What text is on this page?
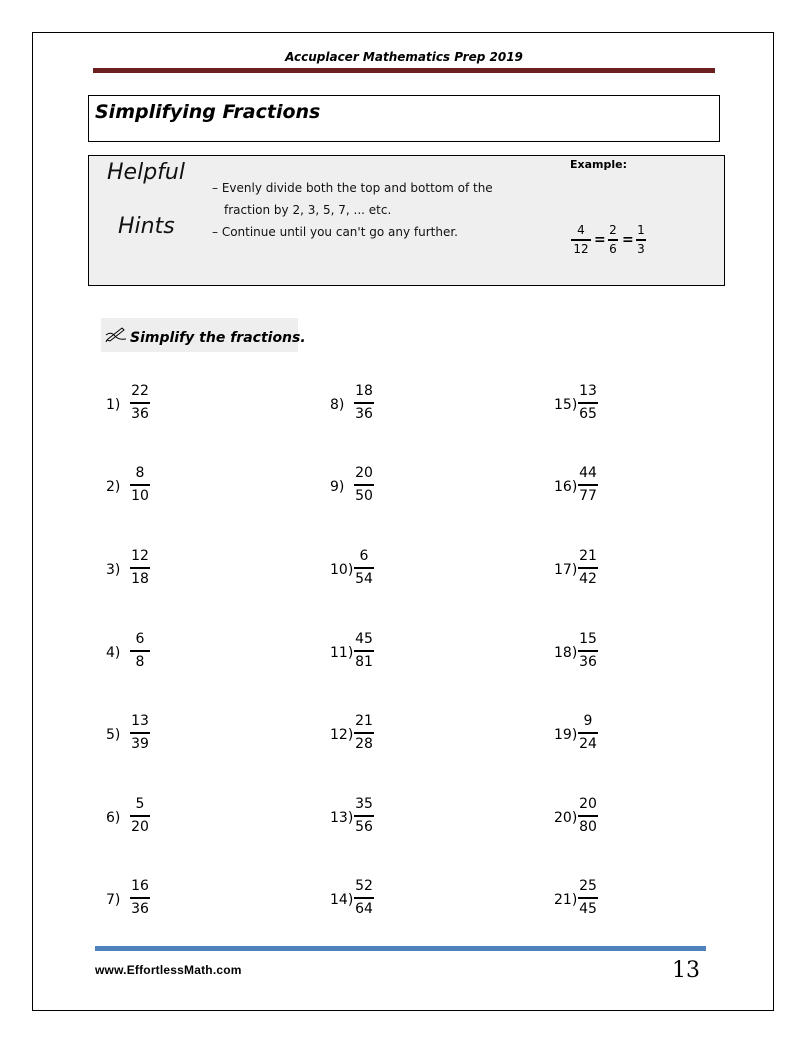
Accuplacer Mathematics Prep 2019
Simplifying Fractions
Helpful
Hints
– Evenly divide both the top and bottom of the
fraction by 2, 3, 5, 7, ... etc.
– Continue until you can't go any further.
Example:
4
12
=
2
6
=
1
3
Simplify the fractions.
1)
22
36
2)
8
10
3)
12
18
4)
6
8
5)
13
39
6)
5
20
7)
16
36
8)
18
36
9)
20
50
10)
6
54
11)
45
81
12)
21
28
13)
35
56
14)
52
64
15)
13
65
16)
44
77
17)
21
42
18)
15
36
19)
9
24
20)
20
80
21)
25
45
www.EffortlessMath.com	13
